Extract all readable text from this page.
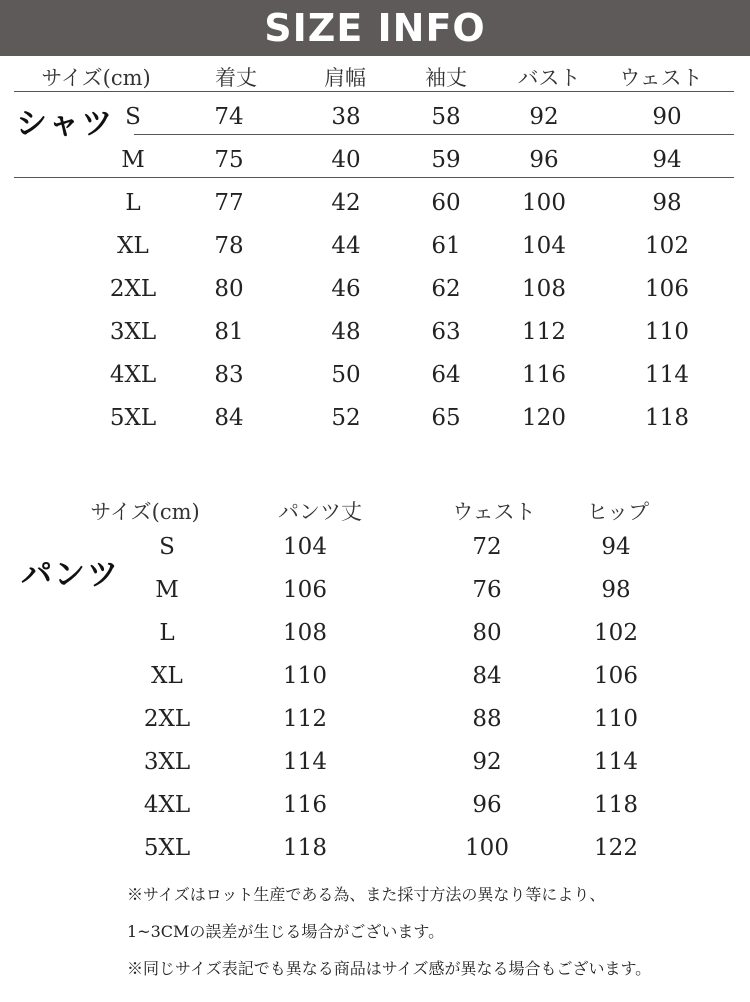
SIZE INFO
サイズ(cm)	着丈	肩幅	袖丈 バスト ウェスト
シャツ S	74	38	58	92	90
M	75	40	59	96	94
L	77	42	60	100	98
XL	78	44	61	104	102
2XL	80	46	62	108	106
3XL	81	48	63	112	110
4XL	83	50	64	116	114
5XL	84	52	65	120	118
サイズ(cm)	パンツ丈	ウェスト ヒップ
パンツ
S	104	72	94
M	106	76	98
L	108	80	102
XL	110	84	106
2XL	112	88	110
3XL	114	92	114
4XL	116	96	118
5XL	118	100	122
※サイズはロット生産である為、また採寸方法の異なり等により、
1~3CMの誤差が生じる場合がございます。
※同じサイズ表記でも異なる商品はサイズ感が異なる場合もございます。
